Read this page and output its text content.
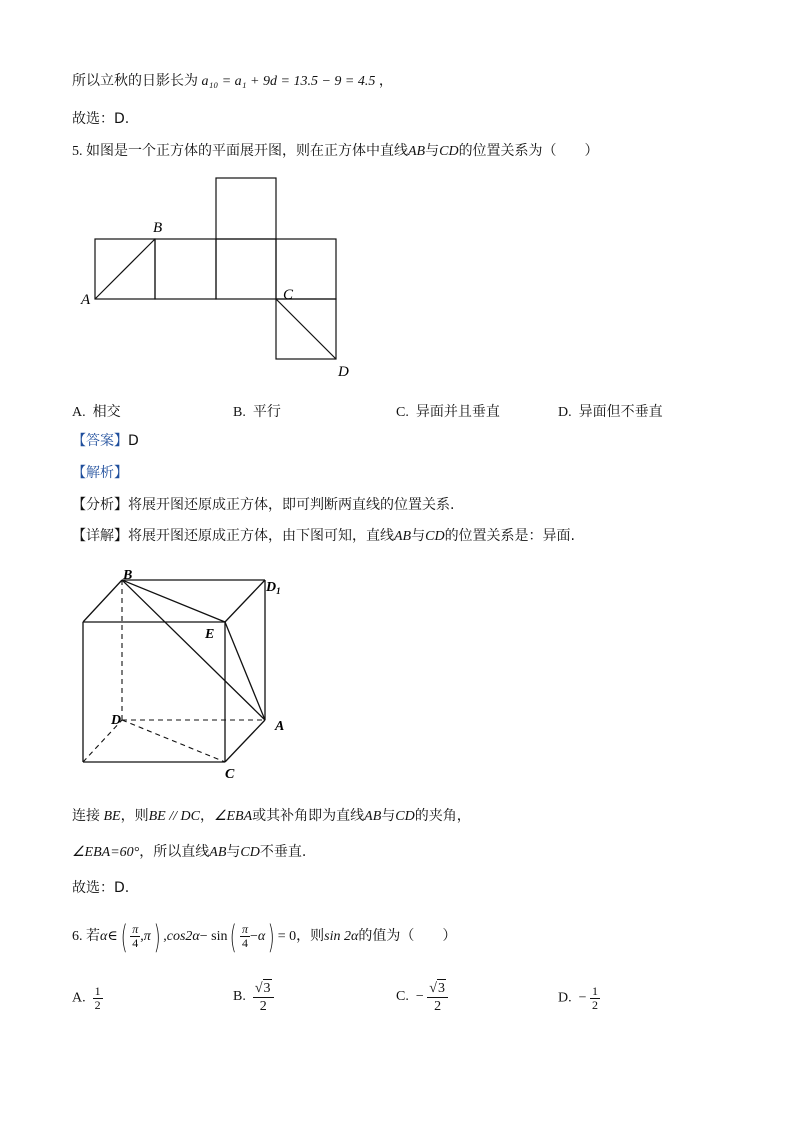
所以立秋的日影长为 a₁₀ = a₁ + 9d = 13.5 − 9 = 4.5 ，
故选：D.
5. 如图是一个正方体的平面展开图，则在正方体中直线AB与CD的位置关系为（　　）
B
A	C
D
A. 相交	B. 平行	C. 异面并且垂直	D. 异面但不垂直
【答案】D
【解析】
【分析】将展开图还原成正方体，即可判断两直线的位置关系.
【详解】将展开图还原成正方体，由下图可知，直线AB与CD的位置关系是：异面.
B
$D_1$
E
D	A
C
连接 BE，则BE // DC，∠EBA或其补角即为直线AB与CD的夹角，
∠EBA=60°，所以直线AB与CD不垂直.
故选：D.
6. 若α∈( $\frac{\pi}{4} ,\pi$) $,\cos 2\alpha- \sin( \frac{\pi}{4} -\alpha) = 0$，则sin 2α的值为（　　）
A. $\frac{1}{2}$	B. $\frac{√3}{2}$	C. − $\frac{√3}{2}$	D. − $\frac{1}{2}$
